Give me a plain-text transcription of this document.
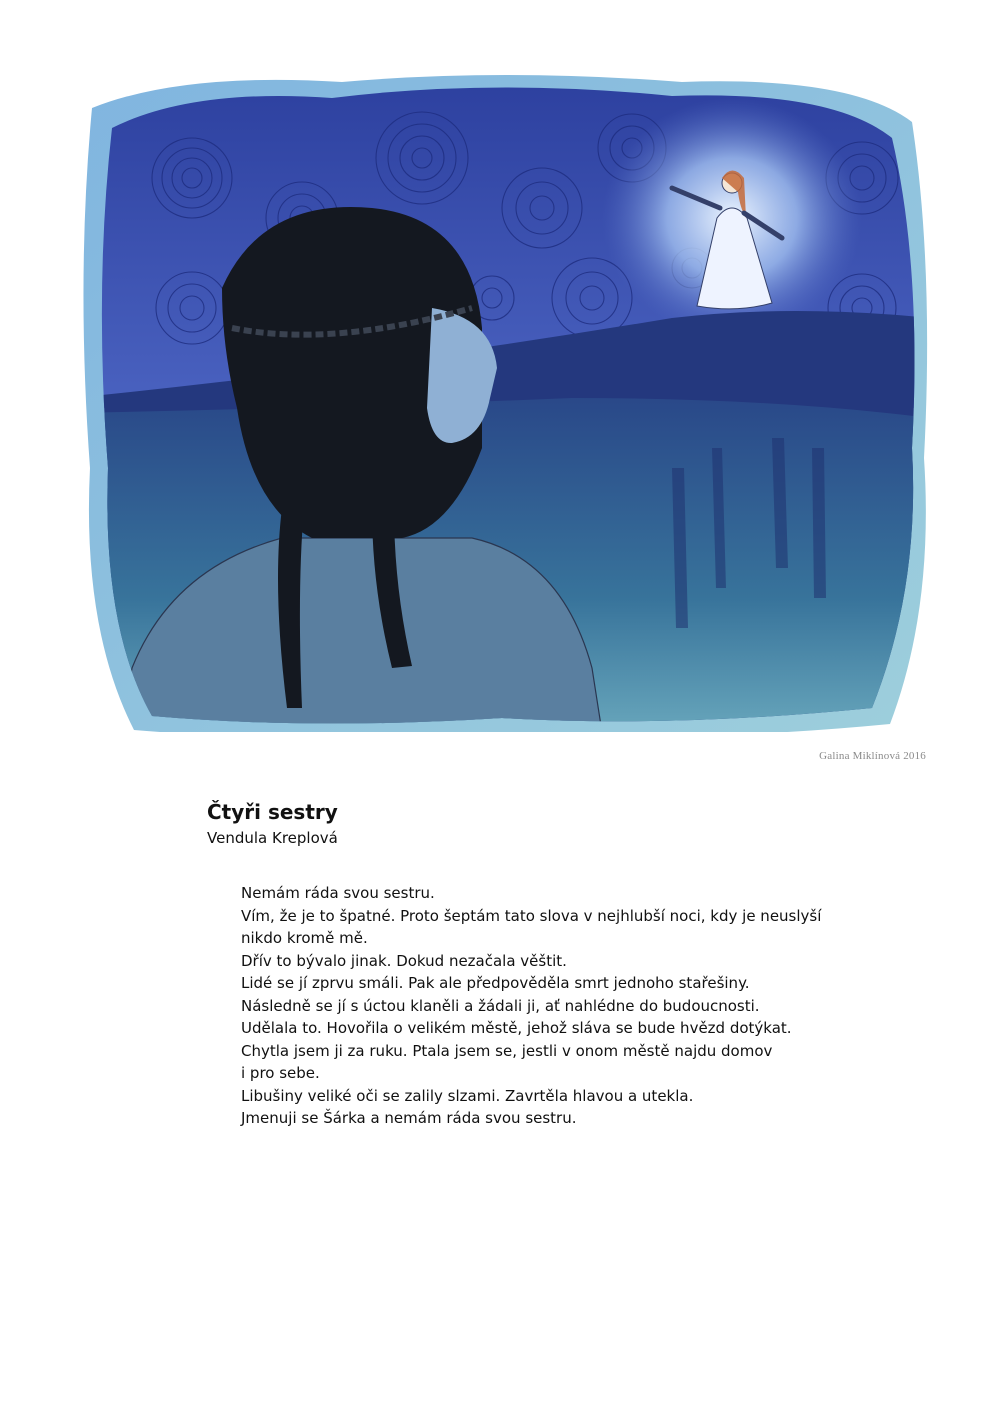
Galina Miklínová 2016
Čtyři sestry
Vendula Kreplová
Nemám ráda svou sestru.
Vím, že je to špatné. Proto šeptám tato slova v nejhlubší noci, kdy je neuslyší
nikdo kromě mě.
Dřív to bývalo jinak. Dokud nezačala věštit.
Lidé se jí zprvu smáli. Pak ale předpověděla smrt jednoho stařešiny.
Následně se jí s úctou klaněli a žádali ji, ať nahlédne do budoucnosti.
Udělala to. Hovořila o velikém městě, jehož sláva se bude hvězd dotýkat.
Chytla jsem ji za ruku. Ptala jsem se, jestli v onom městě najdu domov
i pro sebe.
Libušiny veliké oči se zalily slzami. Zavrtěla hlavou a utekla.
Jmenuji se Šárka a nemám ráda svou sestru.
